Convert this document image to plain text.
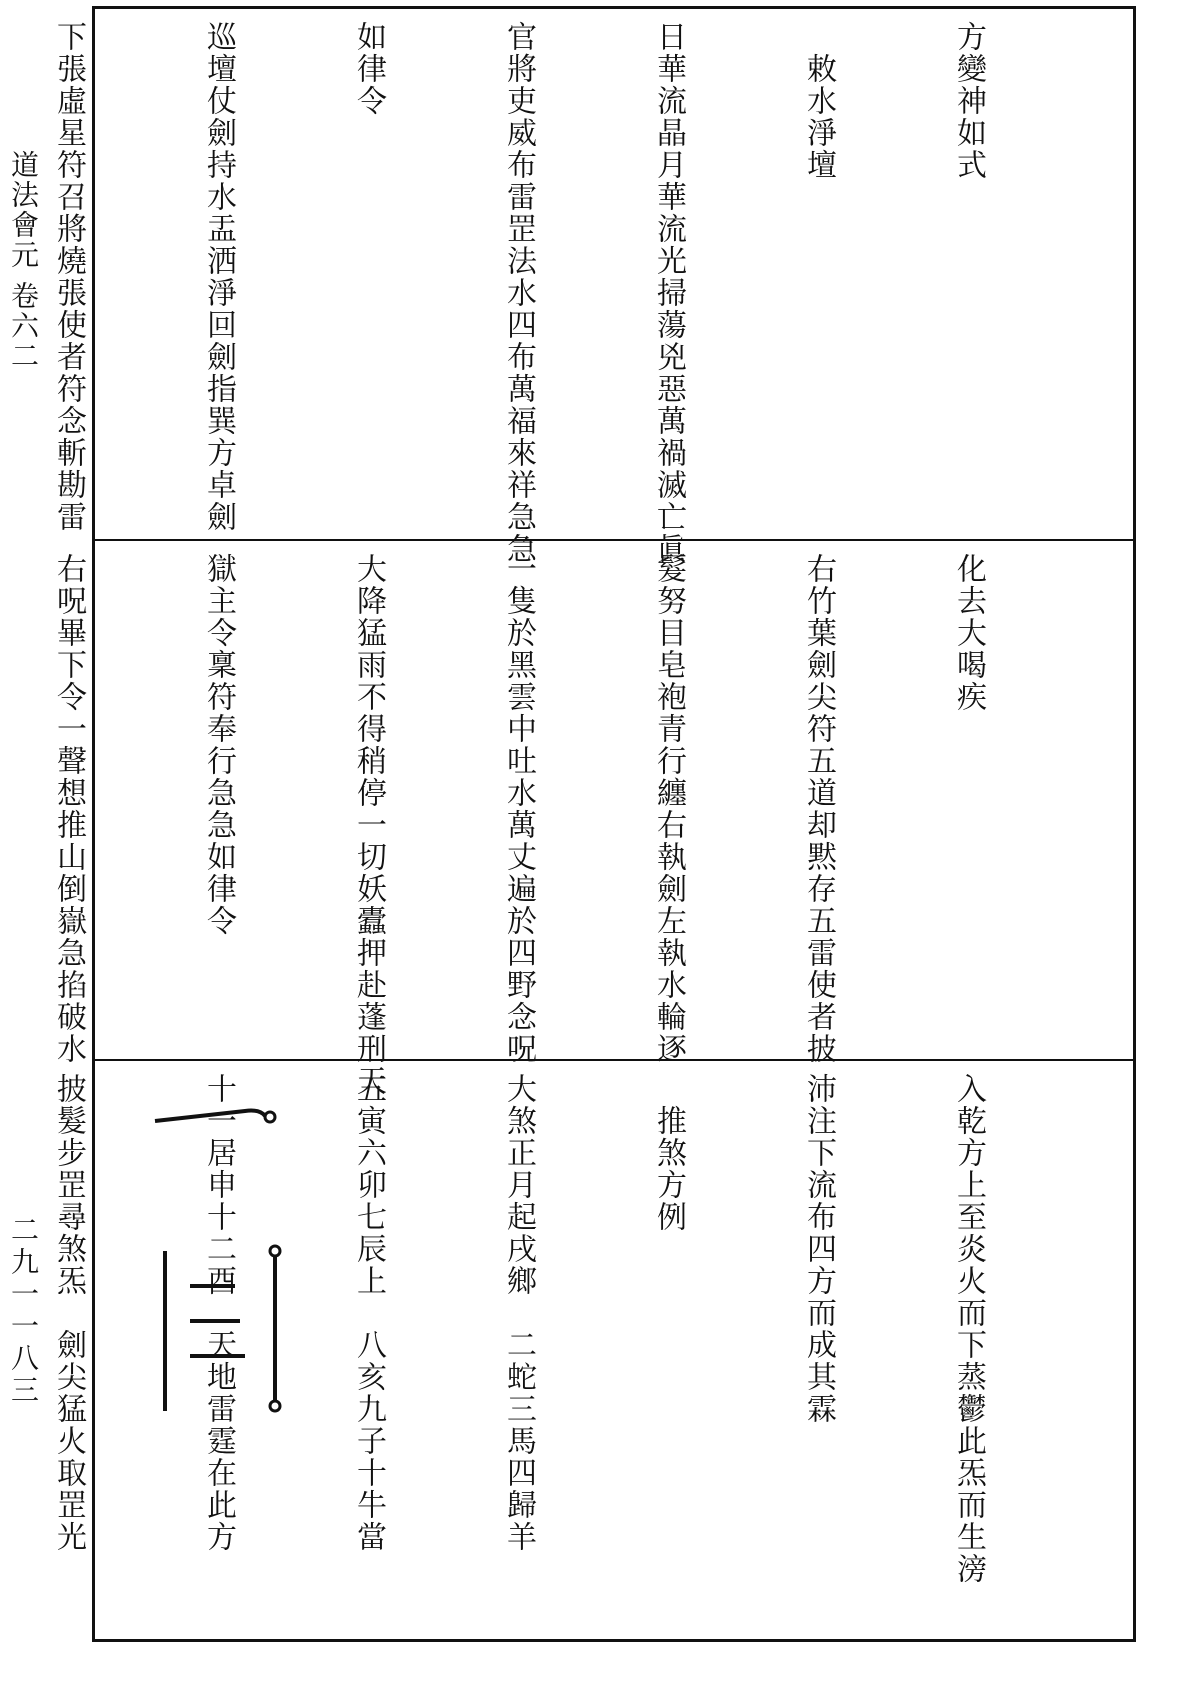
道法會元 卷六二
二九一一八三

方變神如式

　敕水淨壇

日華流晶月華流光掃蕩兇惡萬禍滅亡眞

官將吏威布雷罡法水四布萬福來祥急急

如律令

巡壇仗劍持水盂洒淨回劍指巽方卓劍

下張虛星符召將燒張使者符念斬勘雷

化去大喝疾

右竹葉劍尖符五道却黙存五雷使者披

髮努目皂袍青行纏右執劍左執水輪逐

一隻於黑雲中吐水萬丈遍於四野念呪

大降猛雨不得稍停一切妖蠹押赴蓬刑天

獄主令稟符奉行急急如律令

右呪畢下令一聲想推山倒嶽急掐破水

入乾方上至炎火而下蒸鬱此炁而生滂

沛注下流布四方而成其霖

　推煞方例

大煞正月起戌鄉　二蛇三馬四歸羊

五寅六卯七辰上　八亥九子十牛當

十一居申十二酉　天地雷霆在此方

披髮步罡尋煞炁　劍尖猛火取罡光
